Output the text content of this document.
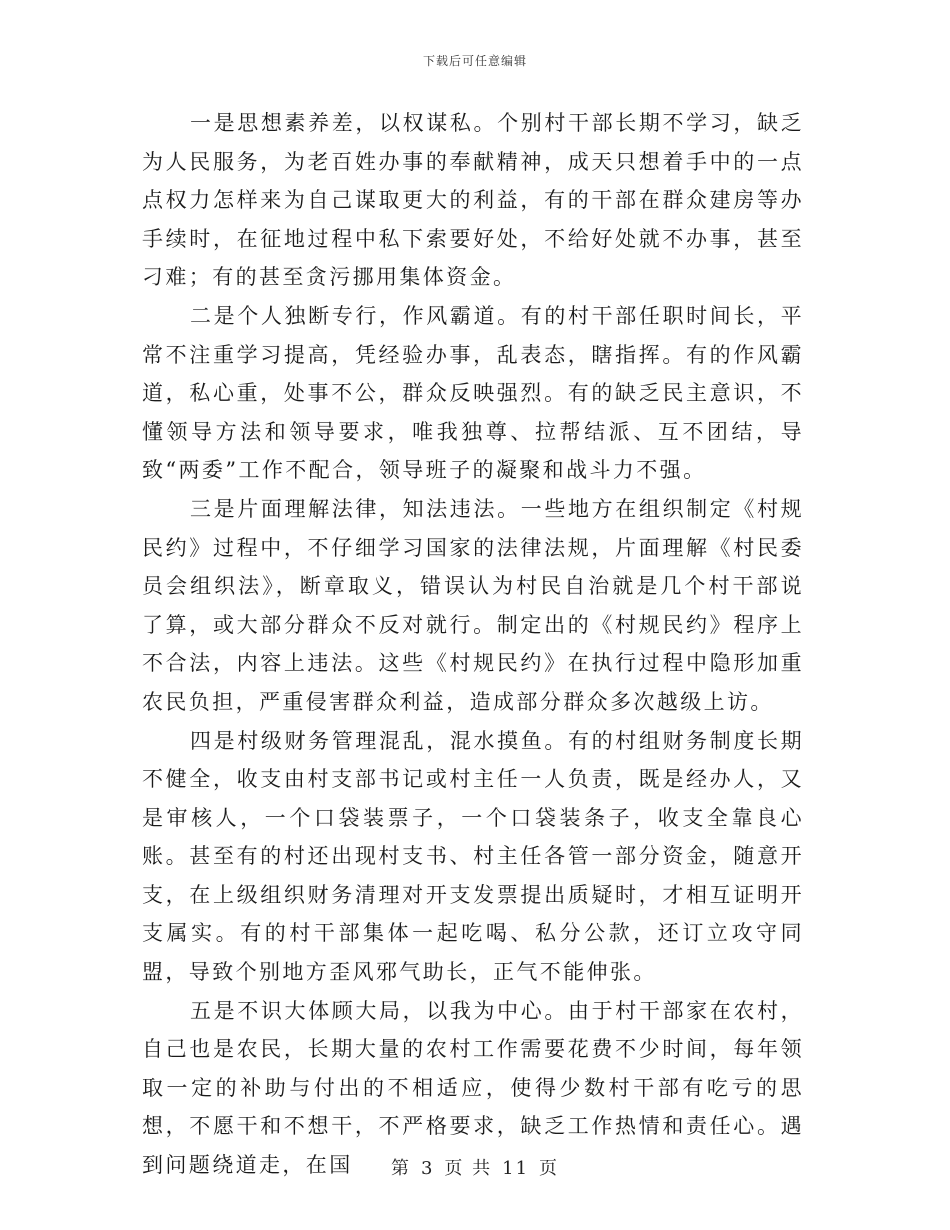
下载后可任意编辑

一是思想素养差，以权谋私。个别村干部长期不学习，缺乏为人民服务，为老百姓办事的奉献精神，成天只想着手中的一点点权力怎样来为自己谋取更大的利益，有的干部在群众建房等办手续时，在征地过程中私下索要好处，不给好处就不办事，甚至刁难；有的甚至贪污挪用集体资金。

二是个人独断专行，作风霸道。有的村干部任职时间长，平常不注重学习提高，凭经验办事，乱表态，瞎指挥。有的作风霸道，私心重，处事不公，群众反映强烈。有的缺乏民主意识，不懂领导方法和领导要求，唯我独尊、拉帮结派、互不团结，导致“两委”工作不配合，领导班子的凝聚和战斗力不强。

三是片面理解法律，知法违法。一些地方在组织制定《村规民约》过程中，不仔细学习国家的法律法规，片面理解《村民委员会组织法》，断章取义，错误认为村民自治就是几个村干部说了算，或大部分群众不反对就行。制定出的《村规民约》程序上不合法，内容上违法。这些《村规民约》在执行过程中隐形加重农民负担，严重侵害群众利益，造成部分群众多次越级上访。

四是村级财务管理混乱，混水摸鱼。有的村组财务制度长期不健全，收支由村支部书记或村主任一人负责，既是经办人，又是审核人，一个口袋装票子，一个口袋装条子，收支全靠良心账。甚至有的村还出现村支书、村主任各管一部分资金，随意开支，在上级组织财务清理对开支发票提出质疑时，才相互证明开支属实。有的村干部集体一起吃喝、私分公款，还订立攻守同盟，导致个别地方歪风邪气助长，正气不能伸张。

五是不识大体顾大局，以我为中心。由于村干部家在农村，自己也是农民，长期大量的农村工作需要花费不少时间，每年领取一定的补助与付出的不相适应，使得少数村干部有吃亏的思想，不愿干和不想干，不严格要求，缺乏工作热情和责任心。遇到问题绕道走，在国	第 3 页 共 11 页
